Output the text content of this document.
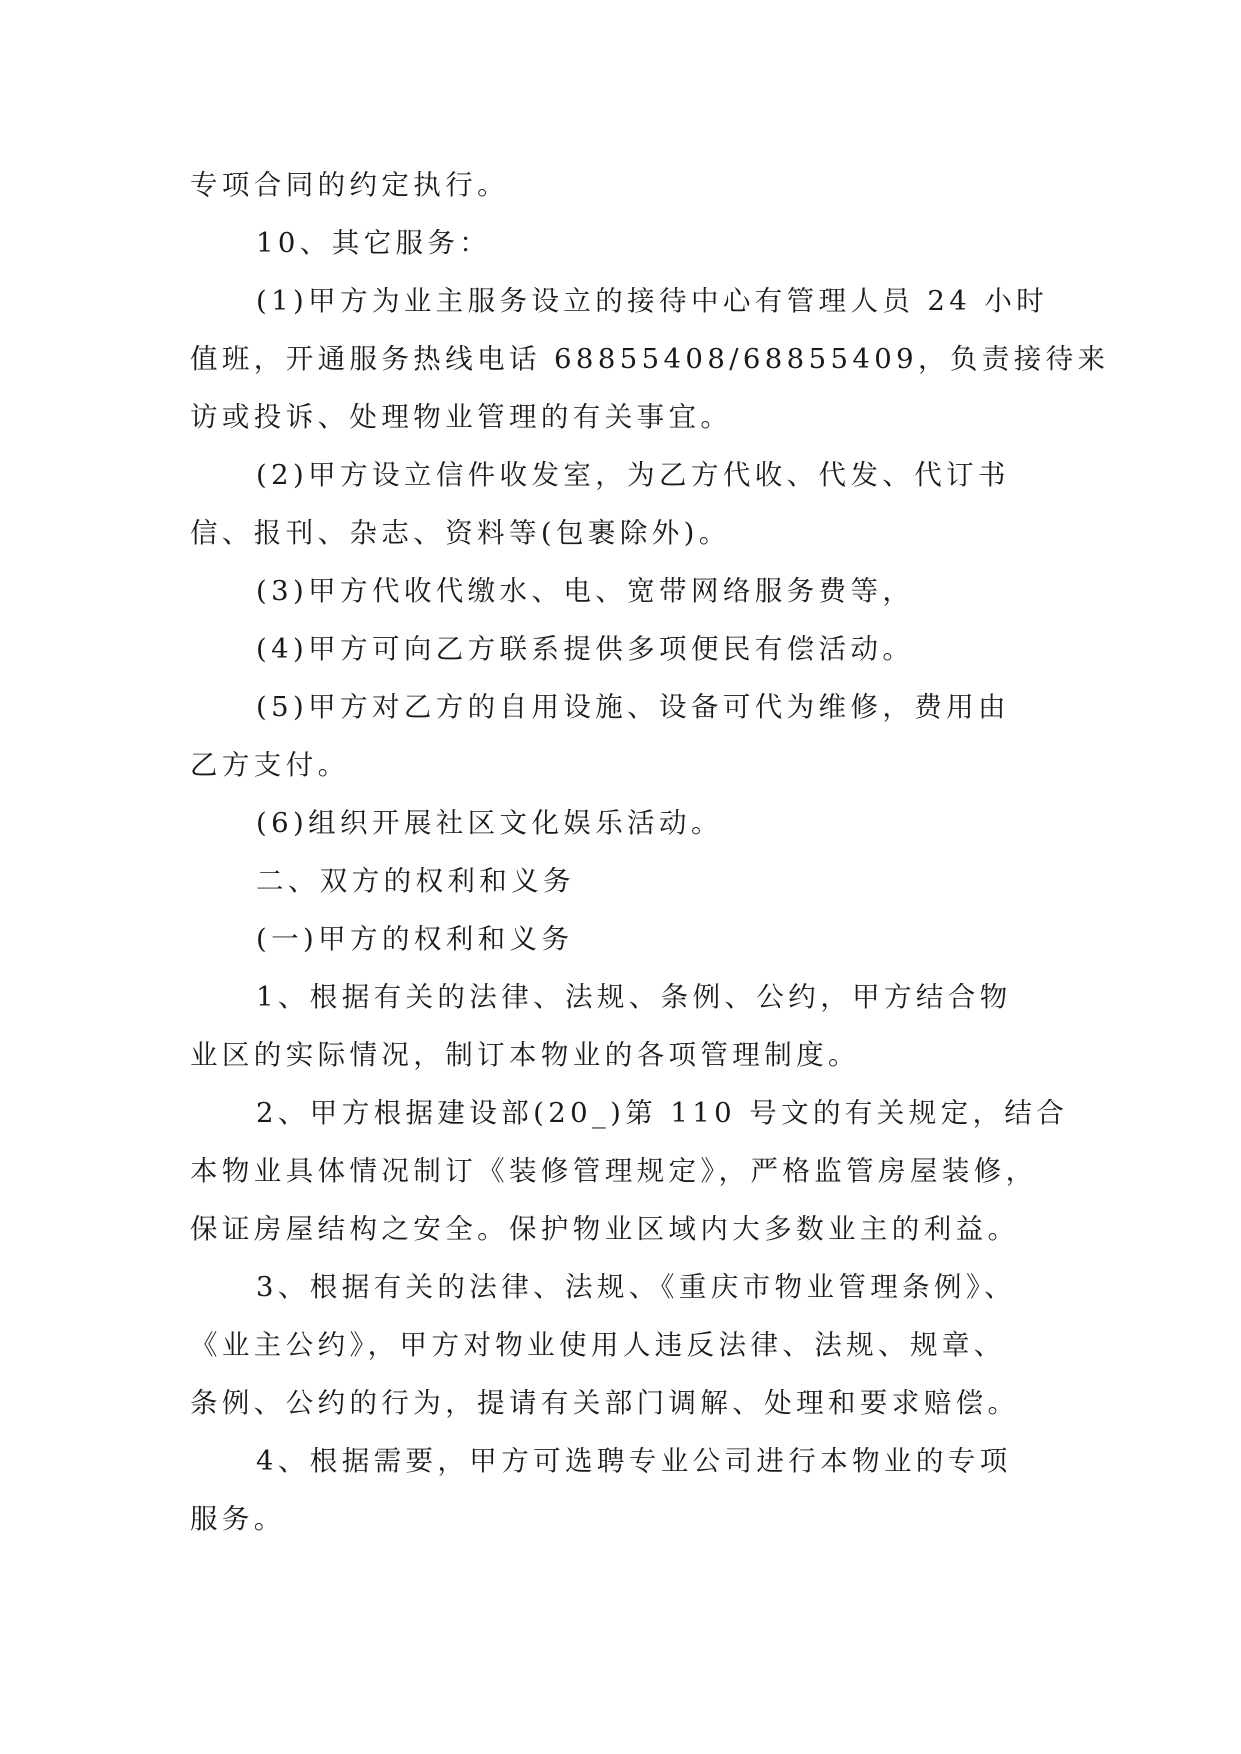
专项合同的约定执行。
10、其它服务：
(1)甲方为业主服务设立的接待中心有管理人员 24 小时
值班，开通服务热线电话 68855408/68855409，负责接待来
访或投诉、处理物业管理的有关事宜。
(2)甲方设立信件收发室，为乙方代收、代发、代订书
信、报刊、杂志、资料等(包裹除外)。
(3)甲方代收代缴水、电、宽带网络服务费等，
(4)甲方可向乙方联系提供多项便民有偿活动。
(5)甲方对乙方的自用设施、设备可代为维修，费用由
乙方支付。
(6)组织开展社区文化娱乐活动。
二、双方的权利和义务
(一)甲方的权利和义务
1、根据有关的法律、法规、条例、公约，甲方结合物
业区的实际情况，制订本物业的各项管理制度。
2、甲方根据建设部(20_)第 110 号文的有关规定，结合
本物业具体情况制订《装修管理规定》，严格监管房屋装修，
保证房屋结构之安全。保护物业区域内大多数业主的利益。
3、根据有关的法律、法规、《重庆市物业管理条例》、
《业主公约》，甲方对物业使用人违反法律、法规、规章、
条例、公约的行为，提请有关部门调解、处理和要求赔偿。
4、根据需要，甲方可选聘专业公司进行本物业的专项
服务。
